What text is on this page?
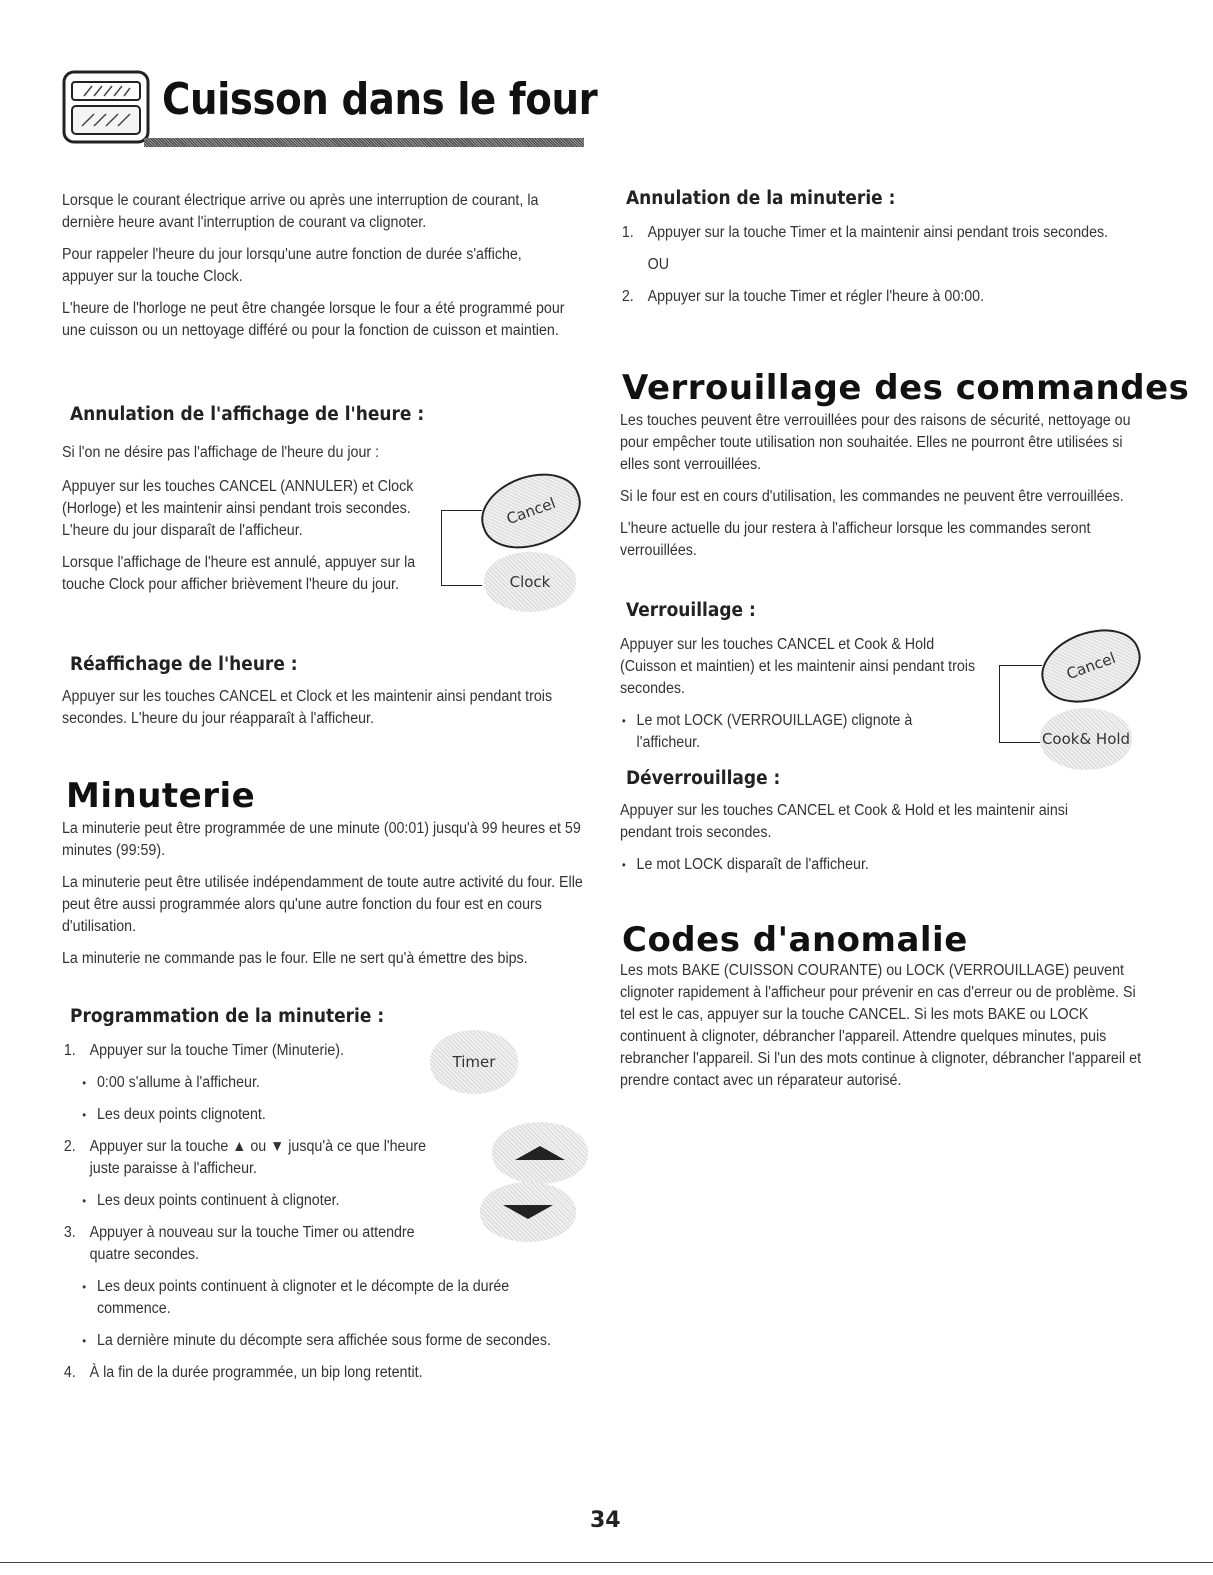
Cuisson dans le four

Lorsque le courant électrique arrive ou après une interruption de courant, la dernière heure avant l'interruption de courant va clignoter.

Pour rappeler l'heure du jour lorsqu'une autre fonction de durée s'affiche, appuyer sur la touche Clock.

L'heure de l'horloge ne peut être changée lorsque le four a été programmé pour une cuisson ou un nettoyage différé ou pour la fonction de cuisson et maintien.

Annulation de l'affichage de l'heure :

Si l'on ne désire pas l'affichage de l'heure du jour :

Appuyer sur les touches CANCEL (ANNULER) et Clock (Horloge) et les maintenir ainsi pendant trois secondes. L'heure du jour disparaît de l'afficheur.

Lorsque l'affichage de l'heure est annulé, appuyer sur la touche Clock pour afficher brièvement l'heure du jour.

Cancel
Clock
Réaffichage de l'heure :

Appuyer sur les touches CANCEL et Clock et les maintenir ainsi pendant trois secondes. L'heure du jour réapparaît à l'afficheur.

Minuterie

La minuterie peut être programmée de une minute (00:01) jusqu'à 99 heures et 59 minutes (99:59).

La minuterie peut être utilisée indépendamment de toute autre activité du four. Elle peut être aussi programmée alors qu'une autre fonction du four est en cours d'utilisation.

La minuterie ne commande pas le four. Elle ne sert qu'à émettre des bips.

Programmation de la minuterie :
Timer
1. Appuyer sur la touche Timer (Minuterie).
• 0:00 s'allume à l'afficheur.
• Les deux points clignotent.
2. Appuyer sur la touche ▲ ou ▼ jusqu'à ce que l'heure juste paraisse à l'afficheur.
• Les deux points continuent à clignoter.
3. Appuyer à nouveau sur la touche Timer ou attendre quatre secondes.
• Les deux points continuent à clignoter et le décompte de la durée commence.
• La dernière minute du décompte sera affichée sous forme de secondes.
4. À la fin de la durée programmée, un bip long retentit.
Annulation de la minuterie :
1. Appuyer sur la touche Timer et la maintenir ainsi pendant trois secondes.
OU
2. Appuyer sur la touche Timer et régler l'heure à 00:00.
Verrouillage des commandes

Les touches peuvent être verrouillées pour des raisons de sécurité, nettoyage ou pour empêcher toute utilisation non souhaitée. Elles ne pourront être utilisées si elles sont verrouillées.

Si le four est en cours d'utilisation, les commandes ne peuvent être verrouillées.

L'heure actuelle du jour restera à l'afficheur lorsque les commandes seront verrouillées.

Verrouillage :

Appuyer sur les touches CANCEL et Cook & Hold (Cuisson et maintien) et les maintenir ainsi pendant trois secondes.

• Le mot LOCK (VERROUILLAGE) clignote à l'afficheur.
Cancel
Cook& Hold
Déverrouillage :

Appuyer sur les touches CANCEL et Cook & Hold et les maintenir ainsi pendant trois secondes.

• Le mot LOCK disparaît de l'afficheur.
Codes d'anomalie

Les mots BAKE (CUISSON COURANTE) ou LOCK (VERROUILLAGE) peuvent clignoter rapidement à l'afficheur pour prévenir en cas d'erreur ou de problème. Si tel est le cas, appuyer sur la touche CANCEL. Si les mots BAKE ou LOCK continuent à clignoter, débrancher l'appareil. Attendre quelques minutes, puis rebrancher l'appareil. Si l'un des mots continue à clignoter, débrancher l'appareil et prendre contact avec un réparateur autorisé.

34
